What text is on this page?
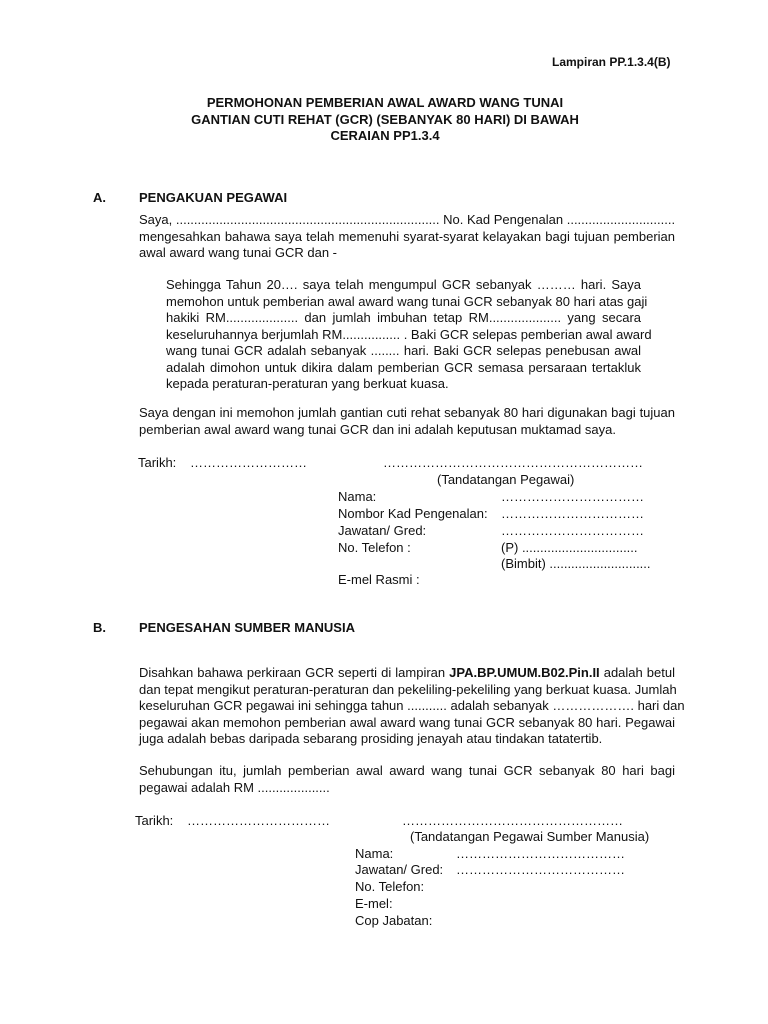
Lampiran PP.1.3.4(B)
PERMOHONAN PEMBERIAN AWAL AWARD WANG TUNAI
GANTIAN CUTI REHAT (GCR) (SEBANYAK 80 HARI) DI BAWAH
CERAIAN PP1.3.4
A.	PENGAKUAN PEGAWAI
Saya, ......................................................................... No. Kad Pengenalan ..............................
mengesahkan bahawa saya telah memenuhi syarat-syarat kelayakan bagi tujuan pemberian
awal award wang tunai GCR dan -
Sehingga Tahun 20…. saya telah mengumpul GCR sebanyak ……… hari. Saya
memohon untuk pemberian awal award wang tunai GCR sebanyak 80 hari atas gaji
hakiki RM.................... dan jumlah imbuhan tetap RM.................... yang secara
keseluruhannya berjumlah RM................ . Baki GCR selepas pemberian awal award
wang tunai GCR adalah sebanyak ........ hari. Baki GCR selepas penebusan awal
adalah dimohon untuk dikira dalam pemberian GCR semasa persaraan tertakluk
kepada peraturan-peraturan yang berkuat kuasa.
Saya dengan ini memohon jumlah gantian cuti rehat sebanyak 80 hari digunakan bagi tujuan
pemberian awal award wang tunai GCR dan ini adalah keputusan muktamad saya.
Tarikh: ………………………	……………………………………………………
(Tandatangan Pegawai)
Nama:	……………………………
Nombor Kad Pengenalan: ……………………………
Jawatan/ Gred:	……………………………
No. Telefon :	(P) ................................
(Bimbit) ............................
E-mel Rasmi :
B.	PENGESAHAN SUMBER MANUSIA
Disahkan bahawa perkiraan GCR seperti di lampiran JPA.BP.UMUM.B02.Pin.II adalah betul
dan tepat mengikut peraturan-peraturan dan pekeliling-pekeliling yang berkuat kuasa. Jumlah
keseluruhan GCR pegawai ini sehingga tahun ........... adalah sebanyak ………………. hari dan
pegawai akan memohon pemberian awal award wang tunai GCR sebanyak 80 hari. Pegawai
juga adalah bebas daripada sebarang prosiding jenayah atau tindakan tatatertib.
Sehubungan itu, jumlah pemberian awal award wang tunai GCR sebanyak 80 hari bagi
pegawai adalah RM ....................
Tarikh: ……………………………	……………………………………………
(Tandatangan Pegawai Sumber Manusia)
Nama:	…………………………………
Jawatan/ Gred: …………………………………
No. Telefon:
E-mel:
Cop Jabatan:
